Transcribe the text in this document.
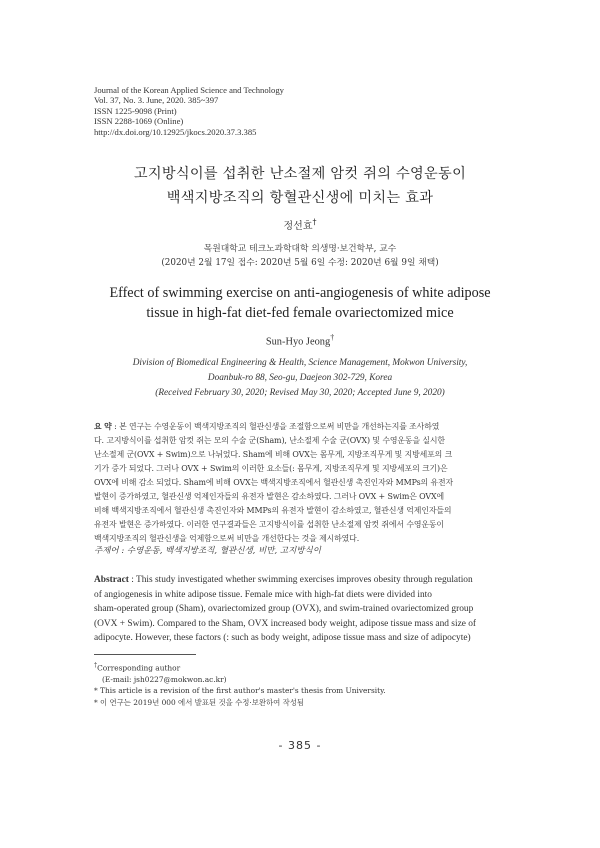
Journal of the Korean Applied Science and Technology
Vol. 37, No. 3. June, 2020. 385~397
ISSN 1225-9098 (Print)
ISSN 2288-1069 (Online)
http://dx.doi.org/10.12925/jkocs.2020.37.3.385
고지방식이를 섭취한 난소절제 암컷 쥐의 수영운동이
백색지방조직의 항혈관신생에 미치는 효과
정선효†
목원대학교 테크노과학대학 의생명·보건학부, 교수
(2020년 2월 17일 접수: 2020년 5월 6일 수정: 2020년 6월 9일 채택)
Effect of swimming exercise on anti-angiogenesis of white adipose
tissue in high-fat diet-fed female ovariectomized mice
Sun-Hyo Jeong†
Division of Biomedical Engineering & Health, Science Management, Mokwon University,
Doanbuk-ro 88, Seo-gu, Daejeon 302-729, Korea
(Received February 30, 2020; Revised May 30, 2020; Accepted June 9, 2020)
요 약 : 본 연구는 수영운동이 백색지방조직의 혈관신생을 조절함으로써 비만을 개선하는지를 조사하였
다. 고지방식이를 섭취한 암컷 쥐는 모의 수술 군(Sham), 난소절제 수술 군(OVX) 및 수영운동을 실시한
난소절제 군(OVX + Swim)으로 나뉘었다. Sham에 비해 OVX는 몸무게, 지방조직무게 및 지방세포의 크
기가 증가 되었다. 그러나 OVX + Swim의 이러한 요소들(: 몸무게, 지방조직무게 및 지방세포의 크기)은
OVX에 비해 감소 되었다. Sham에 비해 OVX는 백색지방조직에서 혈관신생 촉진인자와 MMPs의 유전자
발현이 증가하였고, 혈관신생 억제인자들의 유전자 발현은 감소하였다. 그러나 OVX + Swim은 OVX에
비해 백색지방조직에서 혈관신생 촉진인자와 MMPs의 유전자 발현이 감소하였고, 혈관신생 억제인자들의
유전자 발현은 증가하였다. 이러한 연구결과들은 고지방식이를 섭취한 난소절제 암컷 쥐에서 수영운동이
백색지방조직의 혈관신생을 억제함으로써 비만을 개선한다는 것을 제시하였다.
주제어 : 수영운동, 백색지방조직, 혈관신생, 비만, 고지방식이
Abstract : This study investigated whether swimming exercises improves obesity through regulation
of angiogenesis in white adipose tissue. Female mice with high-fat diets were divided into
sham-operated group (Sham), ovariectomized group (OVX), and swim-trained ovariectomized group
(OVX + Swim). Compared to the Sham, OVX increased body weight, adipose tissue mass and size of
adipocyte. However, these factors (: such as body weight, adipose tissue mass and size of adipocyte)
†Corresponding author
(E-mail: jsh0227@mokwon.ac.kr)
* This article is a revision of the first author's master's thesis from University.
* 이 연구는 2019년 000 에서 발표된 것을 수정·보완하여 작성됨
- 385 -
